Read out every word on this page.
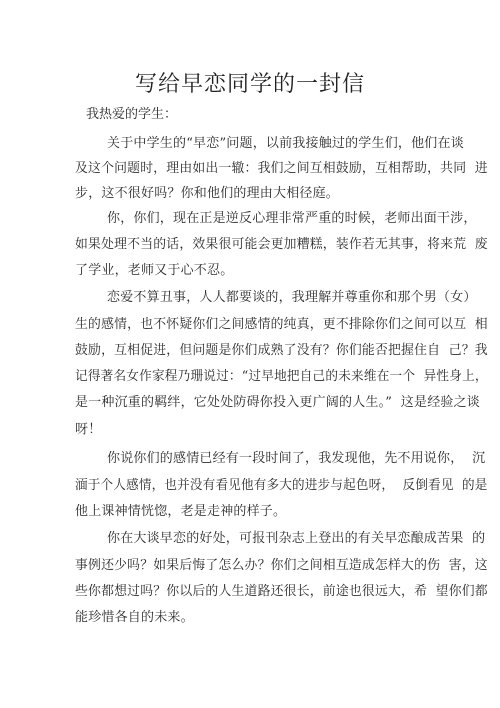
写给早恋同学的一封信
我热爱的学生：
关于中学生的“早恋”问题，以前我接触过的学生们，他们在谈
及这个问题时，理由如出一辙：我们之间互相鼓励，互相帮助，共同  进
步，这不很好吗？你和他们的理由大相径庭。
你，你们，现在正是逆反心理非常严重的时候，老师出面干涉，
如果处理不当的话，效果很可能会更加糟糕，装作若无其事，将来荒  废
了学业，老师又于心不忍。
恋爱不算丑事，人人都要谈的，我理解并尊重你和那个男（女）
生的感情，也不怀疑你们之间感情的纯真，更不排除你们之间可以互  相
鼓励，互相促进，但问题是你们成熟了没有？你们能否把握住自  己？我
记得著名女作家程乃珊说过：“过早地把自己的未来维在一个  异性身上，
是一种沉重的羁绊，它处处防碍你投入更广阔的人生。”  这是经验之谈
呀！
你说你们的感情已经有一段时间了，我发现他，先不用说你，  沉
湎于个人感情，也并没有看见他有多大的进步与起色呀，  反倒看见  的是
他上课神情恍惚，老是走神的样子。
你在大谈早恋的好处，可报刊杂志上登出的有关早恋酿成苦果  的
事例还少吗？如果后悔了怎么办？你们之间相互造成怎样大的伤  害，这
些你都想过吗？你以后的人生道路还很长，前途也很远大，希  望你们都
能珍惜各自的未来。
